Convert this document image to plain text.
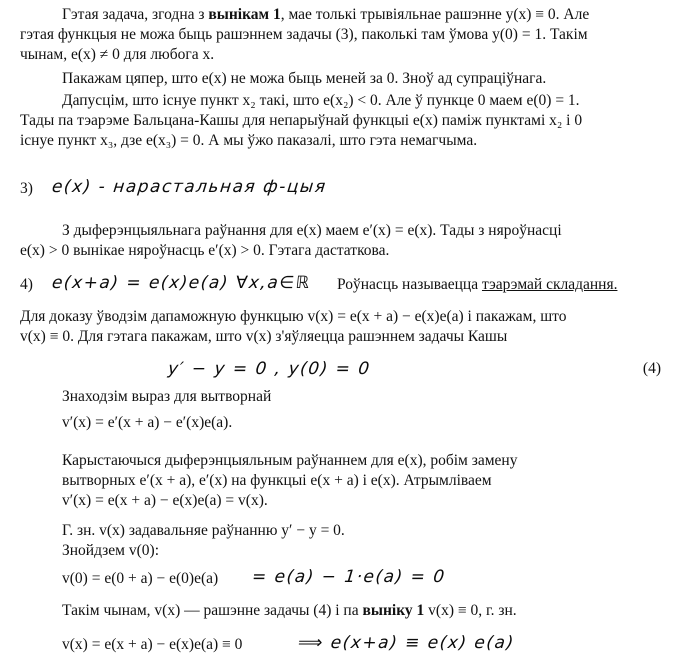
Гэтая задача, згодна з вынікам 1, мае толькі трывіяльнае рашэнне y(x) ≡ 0. Але
гэтая функцыя не можа быць рашэннем задачы (3), паколькі там ўмова y(0) = 1. Такім
чынам, e(x) ≠ 0 для любога x.
Пакажам цяпер, што e(x) не можа быць меней за 0. Зноў ад супраціўнага.
Дапусцім, што існуе пункт x₂ такі, што e(x₂) < 0. Але ў пункце 0 маем e(0) = 1.
Тады па тэарэме Бальцана-Кашы для непарыўнай функцыі e(x) паміж пунктамі x₂ і 0
існуе пункт x₃, дзе e(x₃) = 0. А мы ўжо паказалі, што гэта немагчыма.
3) e(x) - нарастальная ф-цыя
З дыферэнцыяльнага раўнання для e(x) маем e′(x) = e(x). Тады з няроўнасці
e(x) > 0 вынікае няроўнасць e′(x) > 0. Гэтага дастаткова.
4) e(x+a) = e(x)e(a) ∀x,a∈ℝ Роўнасць называецца тэарэмай складання.
Для доказу ўводзім дапаможную функцыю v(x) = e(x + a) − e(x)e(a) і пакажам, што
v(x) ≡ 0. Для гэтага пакажам, што v(x) з'яўляецца рашэннем задачы Кашы
y′ − y = 0 , y(0) = 0	(4)
Знаходзім выраз для вытворнай
v′(x) = e′(x + a) − e′(x)e(a).
Карыстаючыся дыферэнцыяльным раўнаннем для e(x), робім замену
вытворных e′(x + a), e′(x) на функцыі e(x + a) і e(x). Атрымліваем
v′(x) = e(x + a) − e(x)e(a) = v(x).
Г. зн. v(x) задавальняе раўнанню y′ − y = 0.
Знойдзем v(0):
v(0) = e(0 + a) − e(0)e(a) = e(a) − 1·e(a) = 0
Такім чынам, v(x) — рашэнне задачы (4) і па выніку 1 v(x) ≡ 0, г. зн.
v(x) = e(x + a) − e(x)e(a) ≡ 0	⟹ e(x+a) ≡ e(x) e(a)
